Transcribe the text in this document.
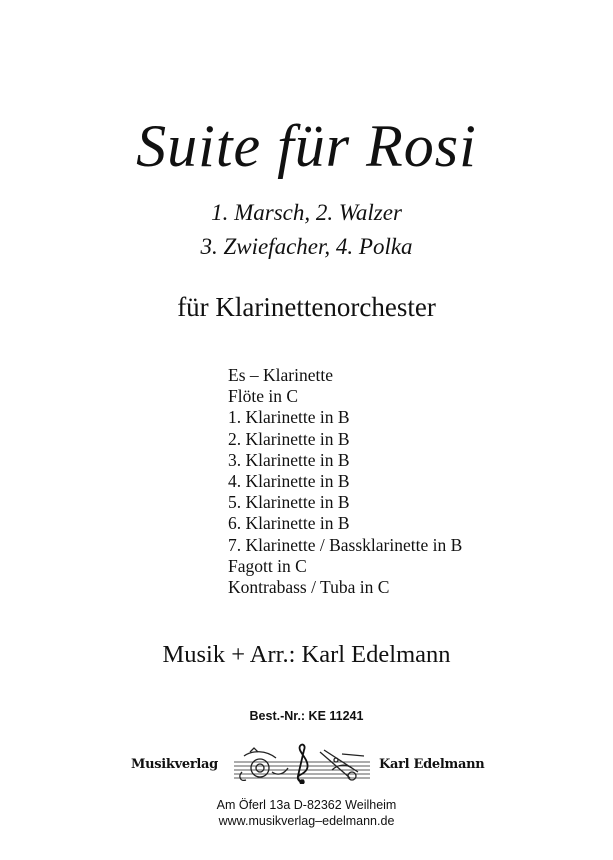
Suite für Rosi
1. Marsch, 2. Walzer
3. Zwiefacher, 4. Polka
für Klarinettenorchester
Es – Klarinette
Flöte in C
1. Klarinette in B
2. Klarinette in B
3. Klarinette in B
4. Klarinette in B
5. Klarinette in B
6. Klarinette in B
7. Klarinette / Bassklarinette in B
Fagott in C
Kontrabass / Tuba in C
Musik + Arr.: Karl Edelmann
Best.-Nr.: KE 11241
Musikverlag	Karl Edelmann
Am Öferl 13a D-82362 Weilheim
www.musikverlag–edelmann.de
